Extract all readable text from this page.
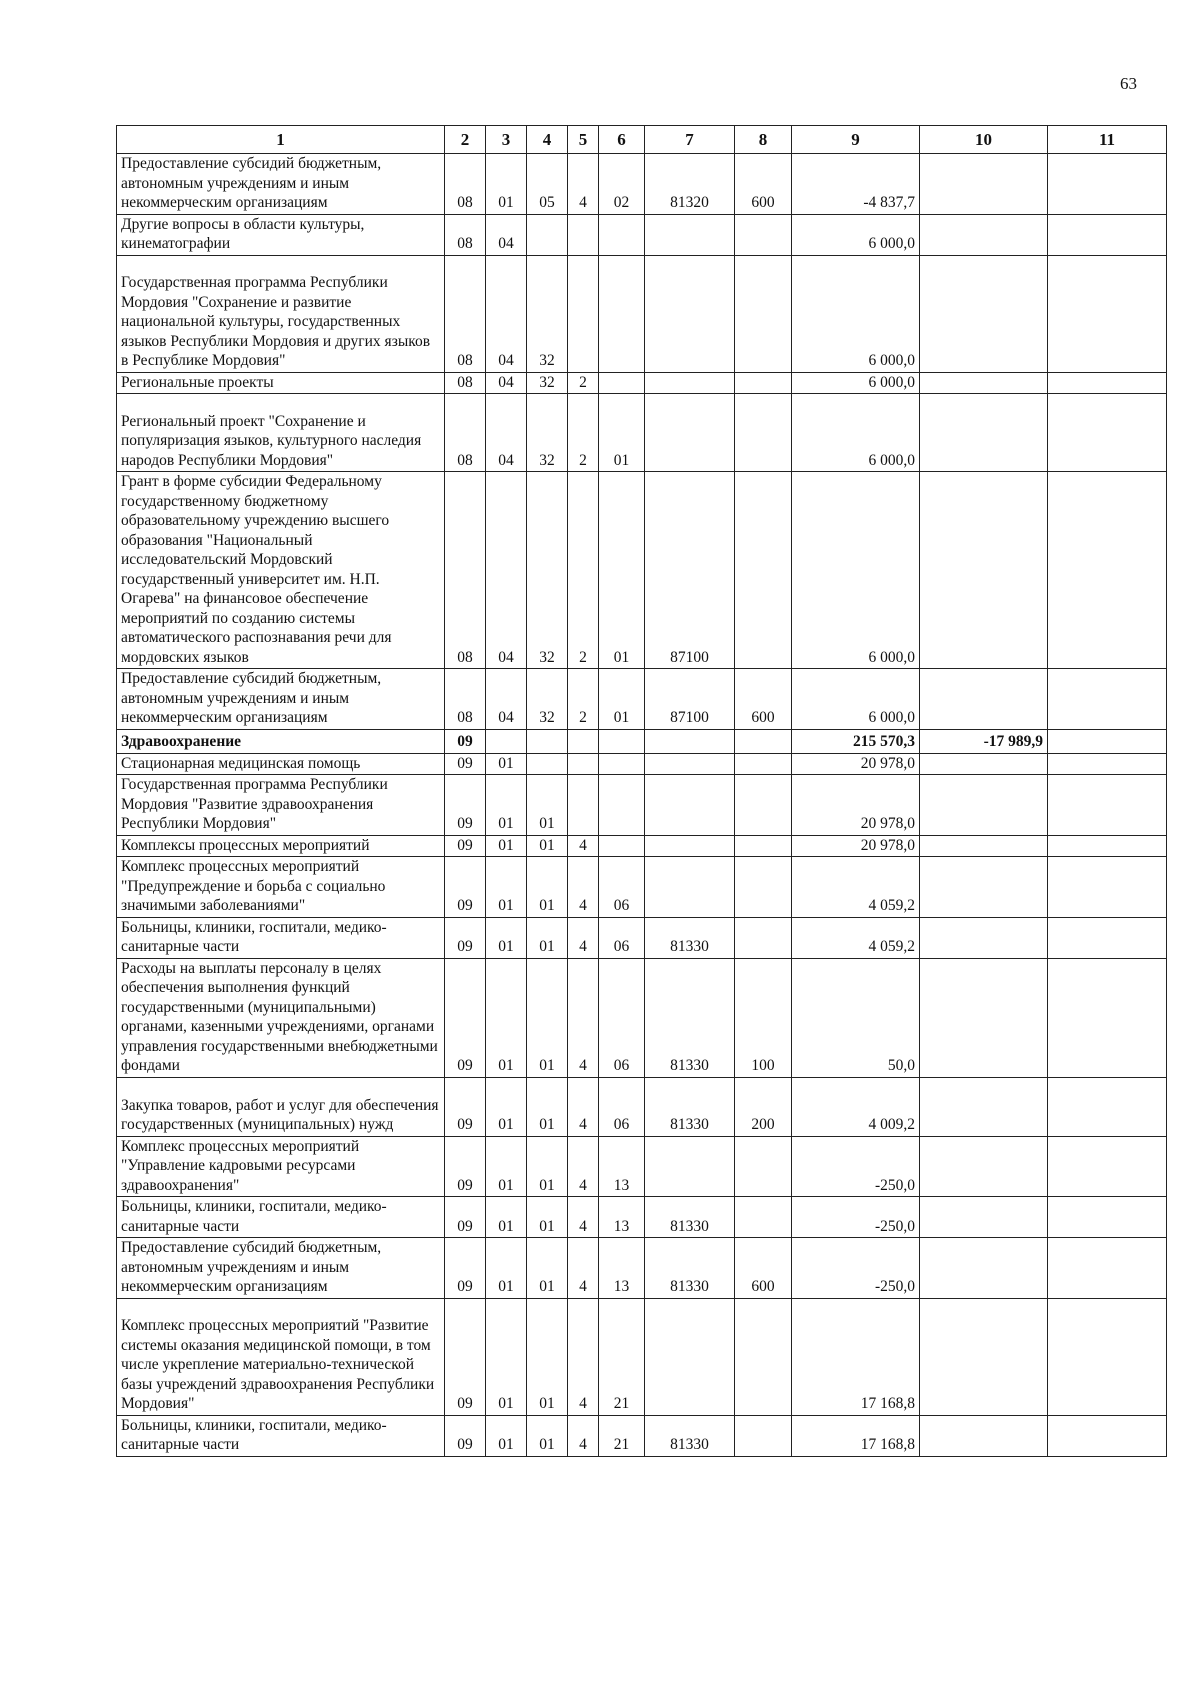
63
1	2	3	4	5	6	7	8	9	10	11
Предоставление субсидий бюджетным, автономным учреждениям и иным некоммерческим организациям	08	01	05	4	02	81320	600	-4 837,7		
Другие вопросы в области культуры, кинематографии	08	04						6 000,0		
Государственная программа Республики Мордовия "Сохранение и развитие национальной культуры, государственных языков Республики Мордовия и других языков в Республике Мордовия"	08	04	32					6 000,0		
Региональные проекты	08	04	32	2				6 000,0		
Региональный проект "Сохранение и популяризация языков, культурного наследия народов Республики Мордовия"	08	04	32	2	01			6 000,0		
Грант в форме субсидии Федеральному государственному бюджетному образовательному учреждению высшего образования "Национальный исследовательский Мордовский государственный университет им. Н.П. Огарева" на финансовое обеспечение мероприятий по созданию системы автоматического распознавания речи для мордовских языков	08	04	32	2	01	87100		6 000,0		
Предоставление субсидий бюджетным, автономным учреждениям и иным некоммерческим организациям	08	04	32	2	01	87100	600	6 000,0		
Здравоохранение	09							215 570,3	-17 989,9	
Стационарная медицинская помощь	09	01						20 978,0		
Государственная программа Республики Мордовия "Развитие здравоохранения Республики Мордовия"	09	01	01					20 978,0		
Комплексы процессных мероприятий	09	01	01	4				20 978,0		
Комплекс процессных мероприятий "Предупреждение и борьба с социально значимыми заболеваниями"	09	01	01	4	06			4 059,2		
Больницы, клиники, госпитали, медико-санитарные части	09	01	01	4	06	81330		4 059,2		
Расходы на выплаты персоналу в целях обеспечения выполнения функций государственными (муниципальными) органами, казенными учреждениями, органами управления государственными внебюджетными фондами	09	01	01	4	06	81330	100	50,0		
Закупка товаров, работ и услуг для обеспечения государственных (муниципальных) нужд	09	01	01	4	06	81330	200	4 009,2		
Комплекс процессных мероприятий "Управление кадровыми ресурсами здравоохранения"	09	01	01	4	13			-250,0		
Больницы, клиники, госпитали, медико-санитарные части	09	01	01	4	13	81330		-250,0		
Предоставление субсидий бюджетным, автономным учреждениям и иным некоммерческим организациям	09	01	01	4	13	81330	600	-250,0		
Комплекс процессных мероприятий "Развитие системы оказания медицинской помощи, в том числе укрепление материально-технической базы учреждений здравоохранения Республики Мордовия"	09	01	01	4	21			17 168,8		
Больницы, клиники, госпитали, медико-санитарные части	09	01	01	4	21	81330		17 168,8		
